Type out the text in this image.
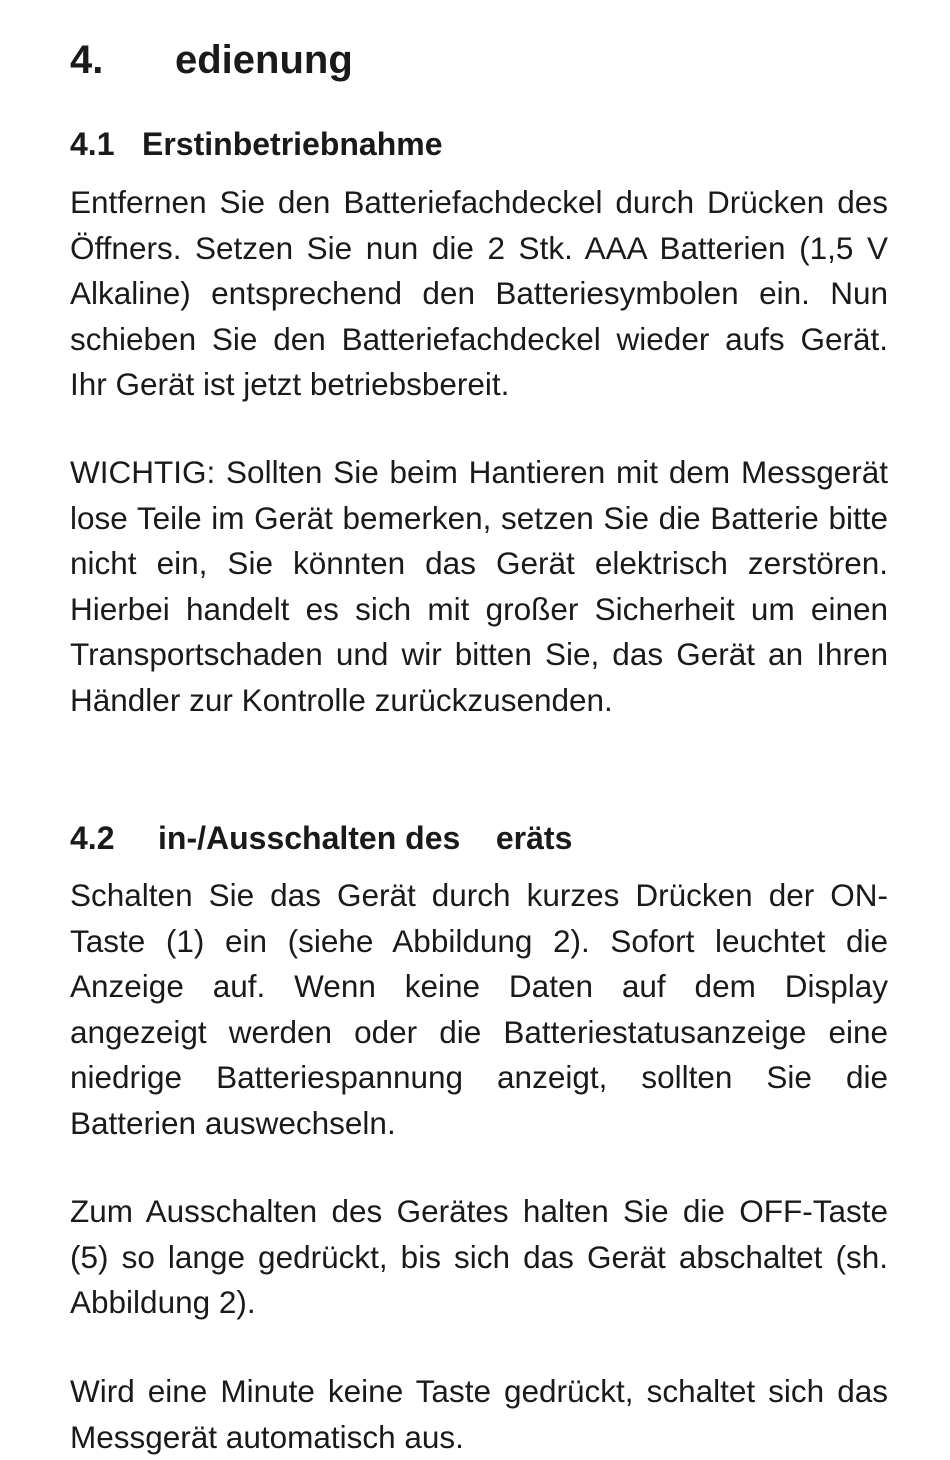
4. edienung
4.1 Erstinbetriebnahme

Entfernen Sie den Batteriefachdeckel durch Drücken des Öffners. Setzen Sie nun die 2 Stk. AAA Batterien (1,5 V Alkaline) entsprechend den Batteriesymbolen ein. Nun schieben Sie den Batteriefachdeckel wieder aufs Gerät. Ihr Gerät ist jetzt betriebsbereit.

WICHTIG: Sollten Sie beim Hantieren mit dem Messgerät lose Teile im Gerät bemerken, setzen Sie die Batterie bitte nicht ein, Sie könnten das Gerät elektrisch zerstören. Hierbei handelt es sich mit großer Sicherheit um einen Transportschaden und wir bitten Sie, das Gerät an Ihren Händler zur Kontrolle zurückzusenden.

4.2 in-/Ausschalten des    eräts

Schalten Sie das Gerät durch kurzes Drücken der ON-Taste (1) ein (siehe Abbildung 2). Sofort leuchtet die Anzeige auf. Wenn keine Daten auf dem Display angezeigt werden oder die Batteriestatusanzeige eine niedrige Batteriespannung anzeigt, sollten Sie die Batterien auswechseln.

Zum Ausschalten des Gerätes halten Sie die OFF-Taste (5) so lange gedrückt, bis sich das Gerät abschaltet (sh. Abbildung 2).

Wird eine Minute keine Taste gedrückt, schaltet sich das Messgerät automatisch aus.
